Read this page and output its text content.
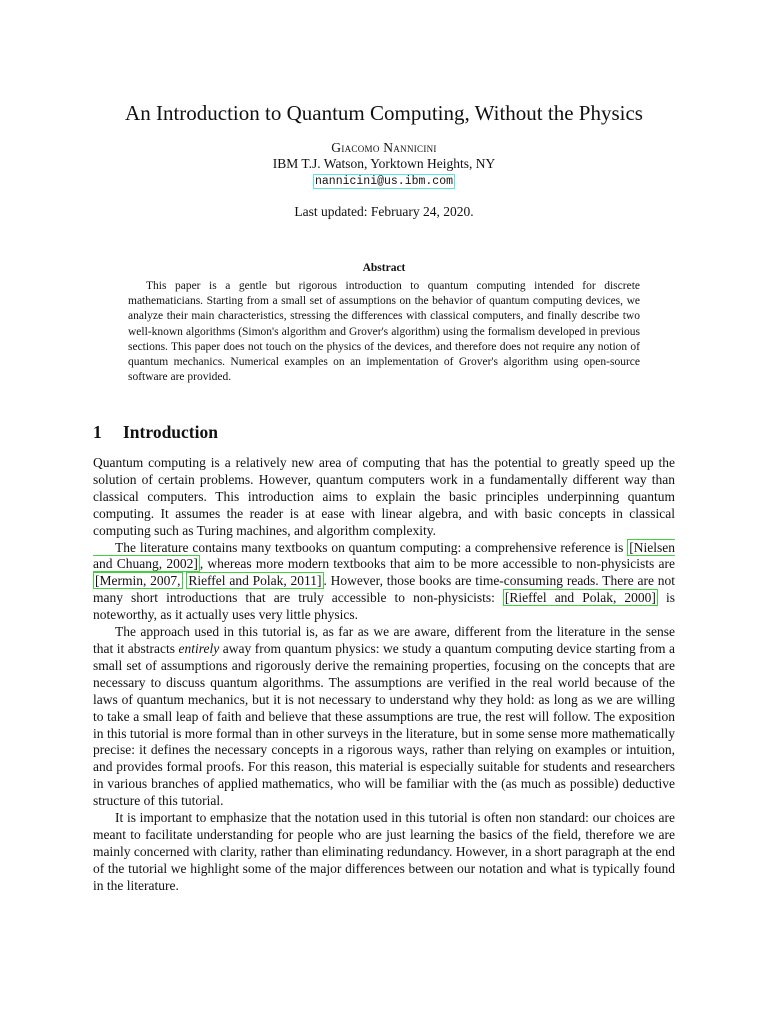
An Introduction to Quantum Computing, Without the Physics
Giacomo Nannicini
IBM T.J. Watson, Yorktown Heights, NY
nannicini@us.ibm.com
Last updated: February 24, 2020.
Abstract

This paper is a gentle but rigorous introduction to quantum computing intended for discrete mathematicians. Starting from a small set of assumptions on the behavior of quantum computing devices, we analyze their main characteristics, stressing the differences with classical computers, and finally describe two well-known algorithms (Simon's algorithm and Grover's algorithm) using the formalism developed in previous sections. This paper does not touch on the physics of the devices, and therefore does not require any notion of quantum mechanics. Numerical examples on an implementation of Grover's algorithm using open-source software are provided.

1 Introduction

Quantum computing is a relatively new area of computing that has the potential to greatly speed up the solution of certain problems. However, quantum computers work in a fundamentally different way than classical computers. This introduction aims to explain the basic principles underpinning quantum computing. It assumes the reader is at ease with linear algebra, and with basic concepts in classical computing such as Turing machines, and algorithm complexity.

The literature contains many textbooks on quantum computing: a comprehensive reference is [Nielsen and Chuang, 2002] , whereas more modern textbooks that aim to be more accessible to non-physicists are [Mermin, 2007, Rieffel and Polak, 2011] . However, those books are time-consuming reads. There are not many short introductions that are truly accessible to non-physicists: [Rieffel and Polak, 2000] is noteworthy, as it actually uses very little physics.

The approach used in this tutorial is, as far as we are aware, different from the literature in the sense that it abstracts entirely away from quantum physics: we study a quantum computing device starting from a small set of assumptions and rigorously derive the remaining properties, focusing on the concepts that are necessary to discuss quantum algorithms. The assumptions are verified in the real world because of the laws of quantum mechanics, but it is not necessary to understand why they hold: as long as we are willing to take a small leap of faith and believe that these assumptions are true, the rest will follow. The exposition in this tutorial is more formal than in other surveys in the literature, but in some sense more mathematically precise: it defines the necessary concepts in a rigorous ways, rather than relying on examples or intuition, and provides formal proofs. For this reason, this material is especially suitable for students and researchers in various branches of applied mathematics, who will be familiar with the (as much as possible) deductive structure of this tutorial.

It is important to emphasize that the notation used in this tutorial is often non standard: our choices are meant to facilitate understanding for people who are just learning the basics of the field, therefore we are mainly concerned with clarity, rather than eliminating redundancy. However, in a short paragraph at the end of the tutorial we highlight some of the major differences between our notation and what is typically found in the literature.
